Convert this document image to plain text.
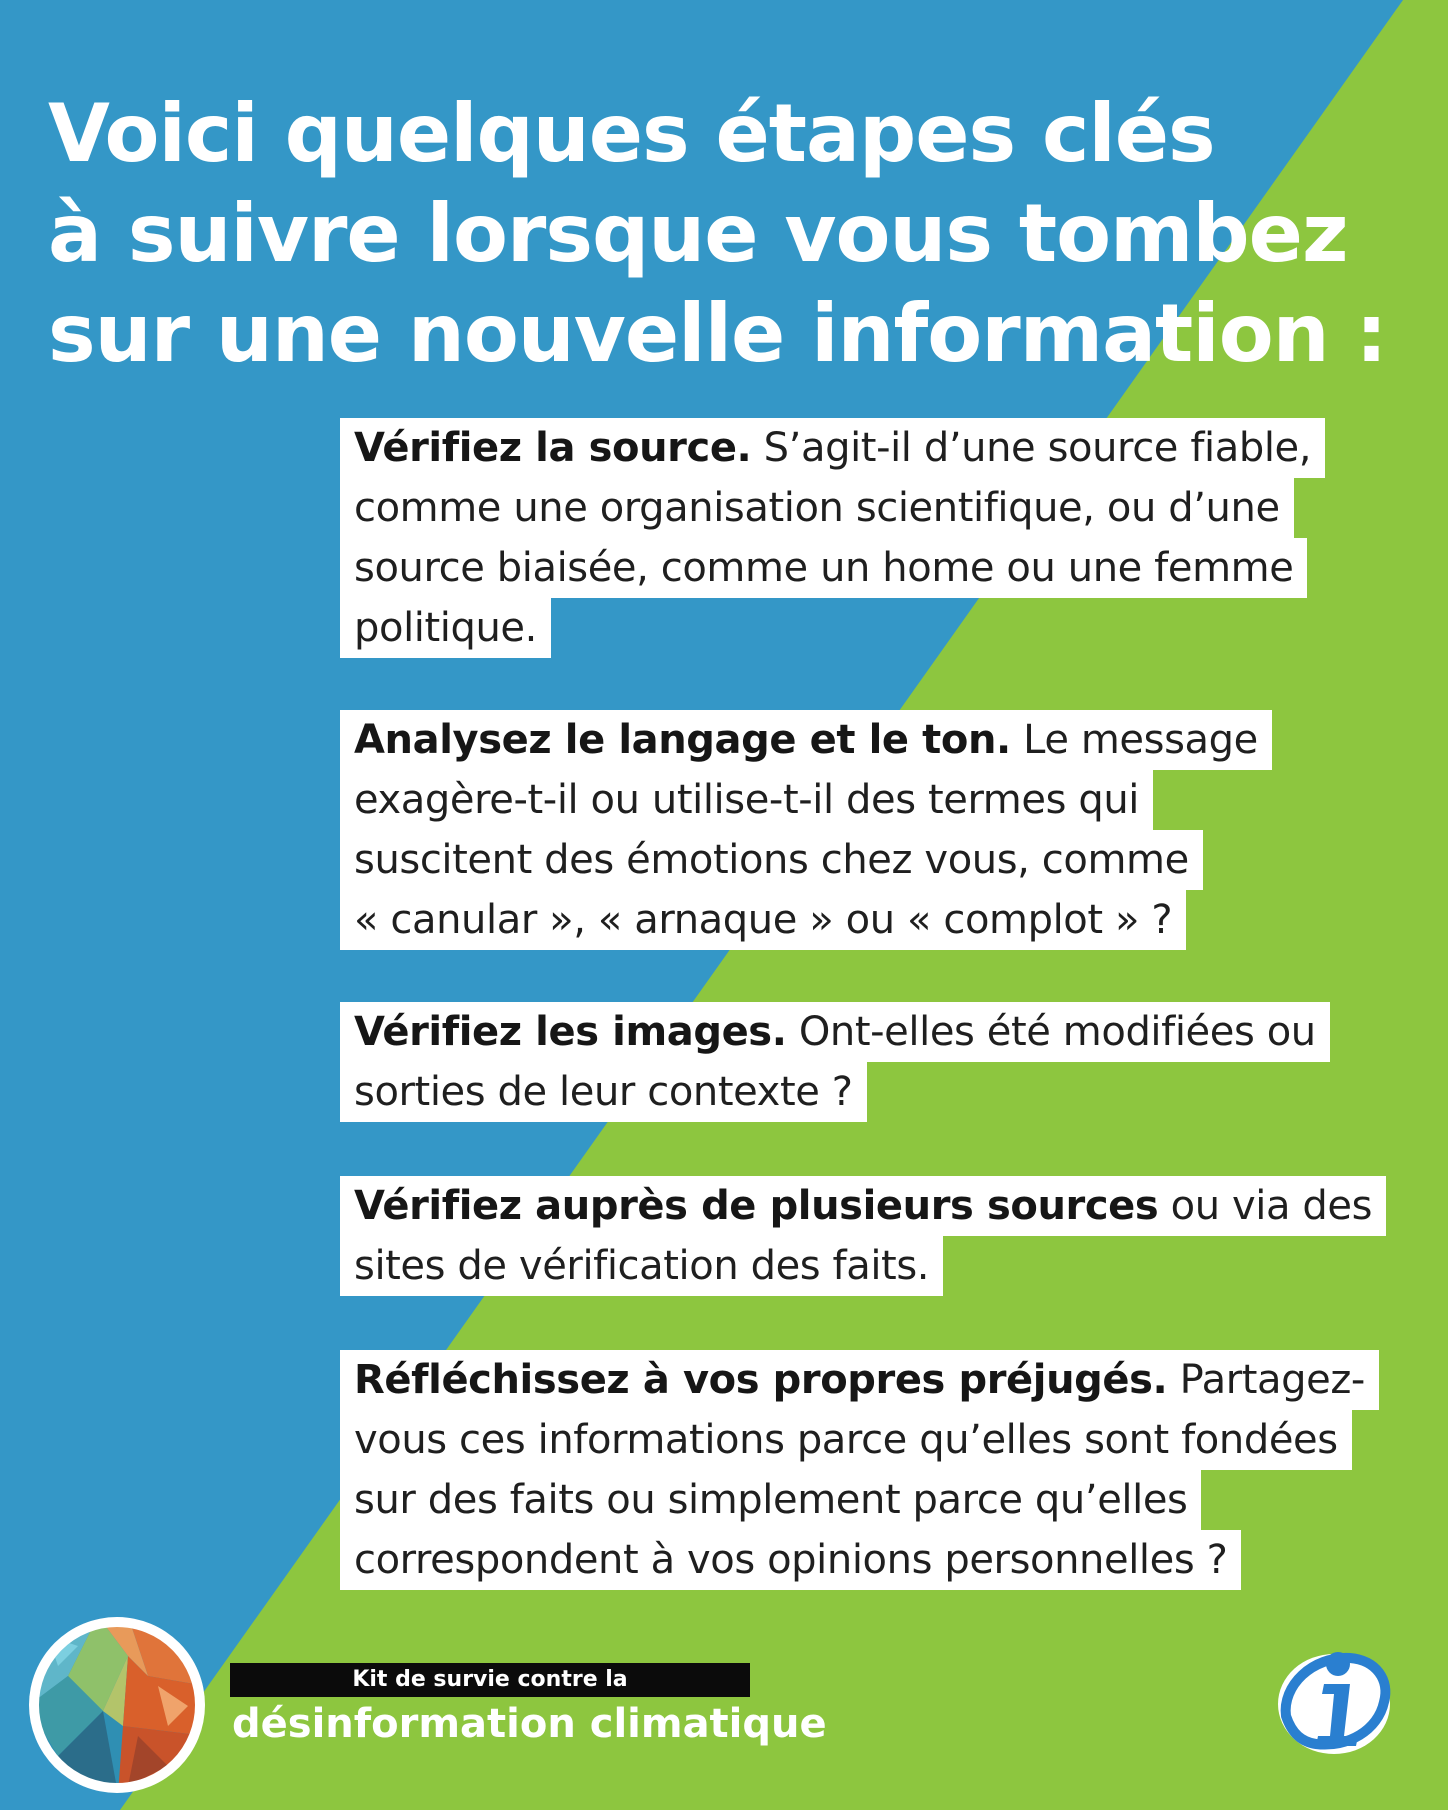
Voici quelques étapes clés
à suivre lorsque vous tombez
sur une nouvelle information :
Vérifiez la source. S’agit-il d’une source fiable,
comme une organisation scientifique, ou d’une
source biaisée, comme un home ou une femme
politique.
Analysez le langage et le ton. Le message
exagère-t-il ou utilise-t-il des termes qui
suscitent des émotions chez vous, comme
« canular », « arnaque » ou « complot » ?
Vérifiez les images. Ont-elles été modifiées ou
sorties de leur contexte ?
Vérifiez auprès de plusieurs sources ou via des
sites de vérification des faits.
Réfléchissez à vos propres préjugés. Partagez-
vous ces informations parce qu’elles sont fondées
sur des faits ou simplement parce qu’elles
correspondent à vos opinions personnelles ?
Kit de survie contre la
désinformation climatique
